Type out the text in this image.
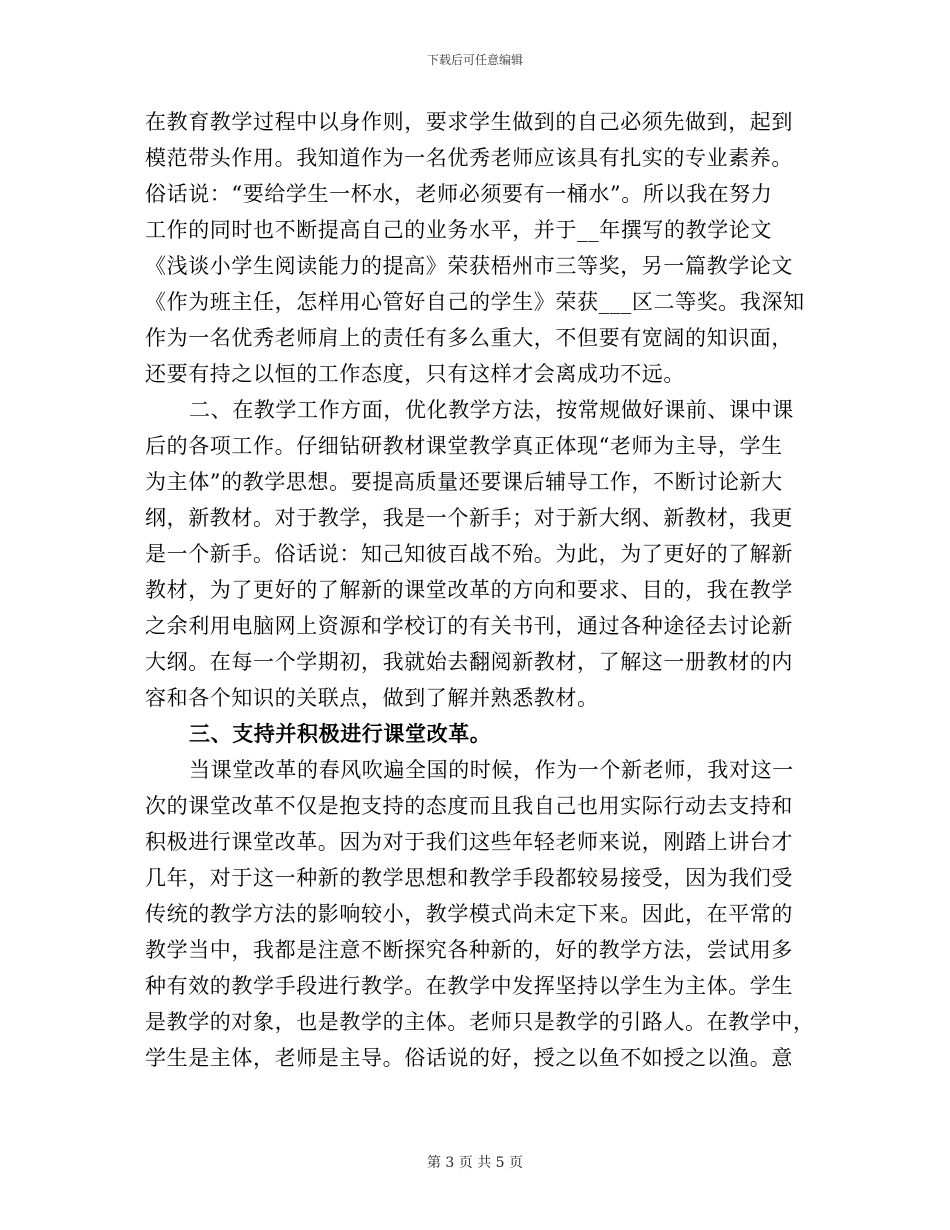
下载后可任意编辑
在教育教学过程中以身作则，要求学生做到的自己必须先做到，起到
模范带头作用。我知道作为一名优秀老师应该具有扎实的专业素养。
俗话说：“要给学生一杯水，老师必须要有一桶水”。所以我在努力
工作的同时也不断提高自己的业务水平，并于__年撰写的教学论文
《浅谈小学生阅读能力的提高》荣获梧州市三等奖，另一篇教学论文
《作为班主任，怎样用心管好自己的学生》荣获___区二等奖。我深知
作为一名优秀老师肩上的责任有多么重大，不但要有宽阔的知识面，
还要有持之以恒的工作态度，只有这样才会离成功不远。
二、在教学工作方面，优化教学方法，按常规做好课前、课中课
后的各项工作。仔细钻研教材课堂教学真正体现“老师为主导，学生
为主体”的教学思想。要提高质量还要课后辅导工作，不断讨论新大
纲，新教材。对于教学，我是一个新手；对于新大纲、新教材，我更
是一个新手。俗话说：知己知彼百战不殆。为此，为了更好的了解新
教材，为了更好的了解新的课堂改革的方向和要求、目的，我在教学
之余利用电脑网上资源和学校订的有关书刊，通过各种途径去讨论新
大纲。在每一个学期初，我就始去翻阅新教材，了解这一册教材的内
容和各个知识的关联点，做到了解并熟悉教材。
三、支持并积极进行课堂改革。
当课堂改革的春风吹遍全国的时候，作为一个新老师，我对这一
次的课堂改革不仅是抱支持的态度而且我自己也用实际行动去支持和
积极进行课堂改革。因为对于我们这些年轻老师来说，刚踏上讲台才
几年，对于这一种新的教学思想和教学手段都较易接受，因为我们受
传统的教学方法的影响较小，教学模式尚未定下来。因此，在平常的
教学当中，我都是注意不断探究各种新的，好的教学方法，尝试用多
种有效的教学手段进行教学。在教学中发挥坚持以学生为主体。学生
是教学的对象，也是教学的主体。老师只是教学的引路人。在教学中，
学生是主体，老师是主导。俗话说的好，授之以鱼不如授之以渔。意
第 3 页 共 5 页
